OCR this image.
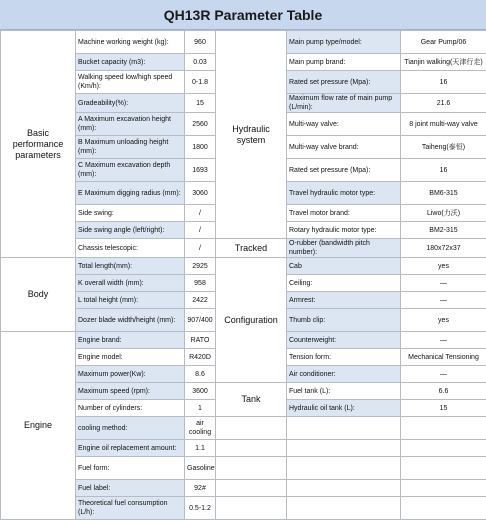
QH13R Parameter Table
Basic performance parameters	Machine working weight (kg):	960	Hydraulic system	Main pump type/model:	Gear Pump/06
	Bucket capacity (m3):	0.03		Main pump brand:	Tianjin walking(天津行走)
	Walking speed low/high speed (Km/h):	0-1.8		Rated set pressure (Mpa):	16
	Gradeability(%):	15		Maximum flow rate of main pump (L/min):	21.6
	A Maximum excavation height (mm):	2560		Multi-way valve:	8 joint multi-way valve
	B Maximum unloading height (mm):	1800		Multi-way valve brand:	Taiheng(泰恒)
	C Maximum excavation depth (mm):	1693		Rated set pressure (Mpa):	16
	E Maximum digging radius (mm):	3060		Travel hydraulic motor type:	BM6-315
	Side swing:	/		Travel motor brand:	Liwo(力沃)
	Side swing angle (left/right):	/		Rotary hydraulic motor type:	BM2-315
	Chassis telescopic:	/	Tracked	O-rubber (bandwidth pitch number):	180x72x37
Body	Total length(mm):	2925	Configuration	Cab	yes
	K overall width (mm):	958		Ceiling:	—
	L total height (mm):	2422		Armrest:	—
	Dozer blade width/height (mm):	907/400		Thumb clip:	yes
Engine	Engine brand:	RATO		Counterweight:	—
	Engine model:	R420D		Tension form:	Mechanical Tensioning
	Maximum power(Kw):	8.6		Air conditioner:	—
	Maximum speed (rpm):	3600	Tank	Fuel tank (L):	6.6
	Number of cylinders:	1		Hydraulic oil tank (L):	15
	cooling method:	air cooling			
	Engine oil replacement amount:	1.1			
	Fuel form:	Gasoline			
	Fuel label:	92#			
	Theoretical fuel consumption (L/h):	0.5-1.2			
